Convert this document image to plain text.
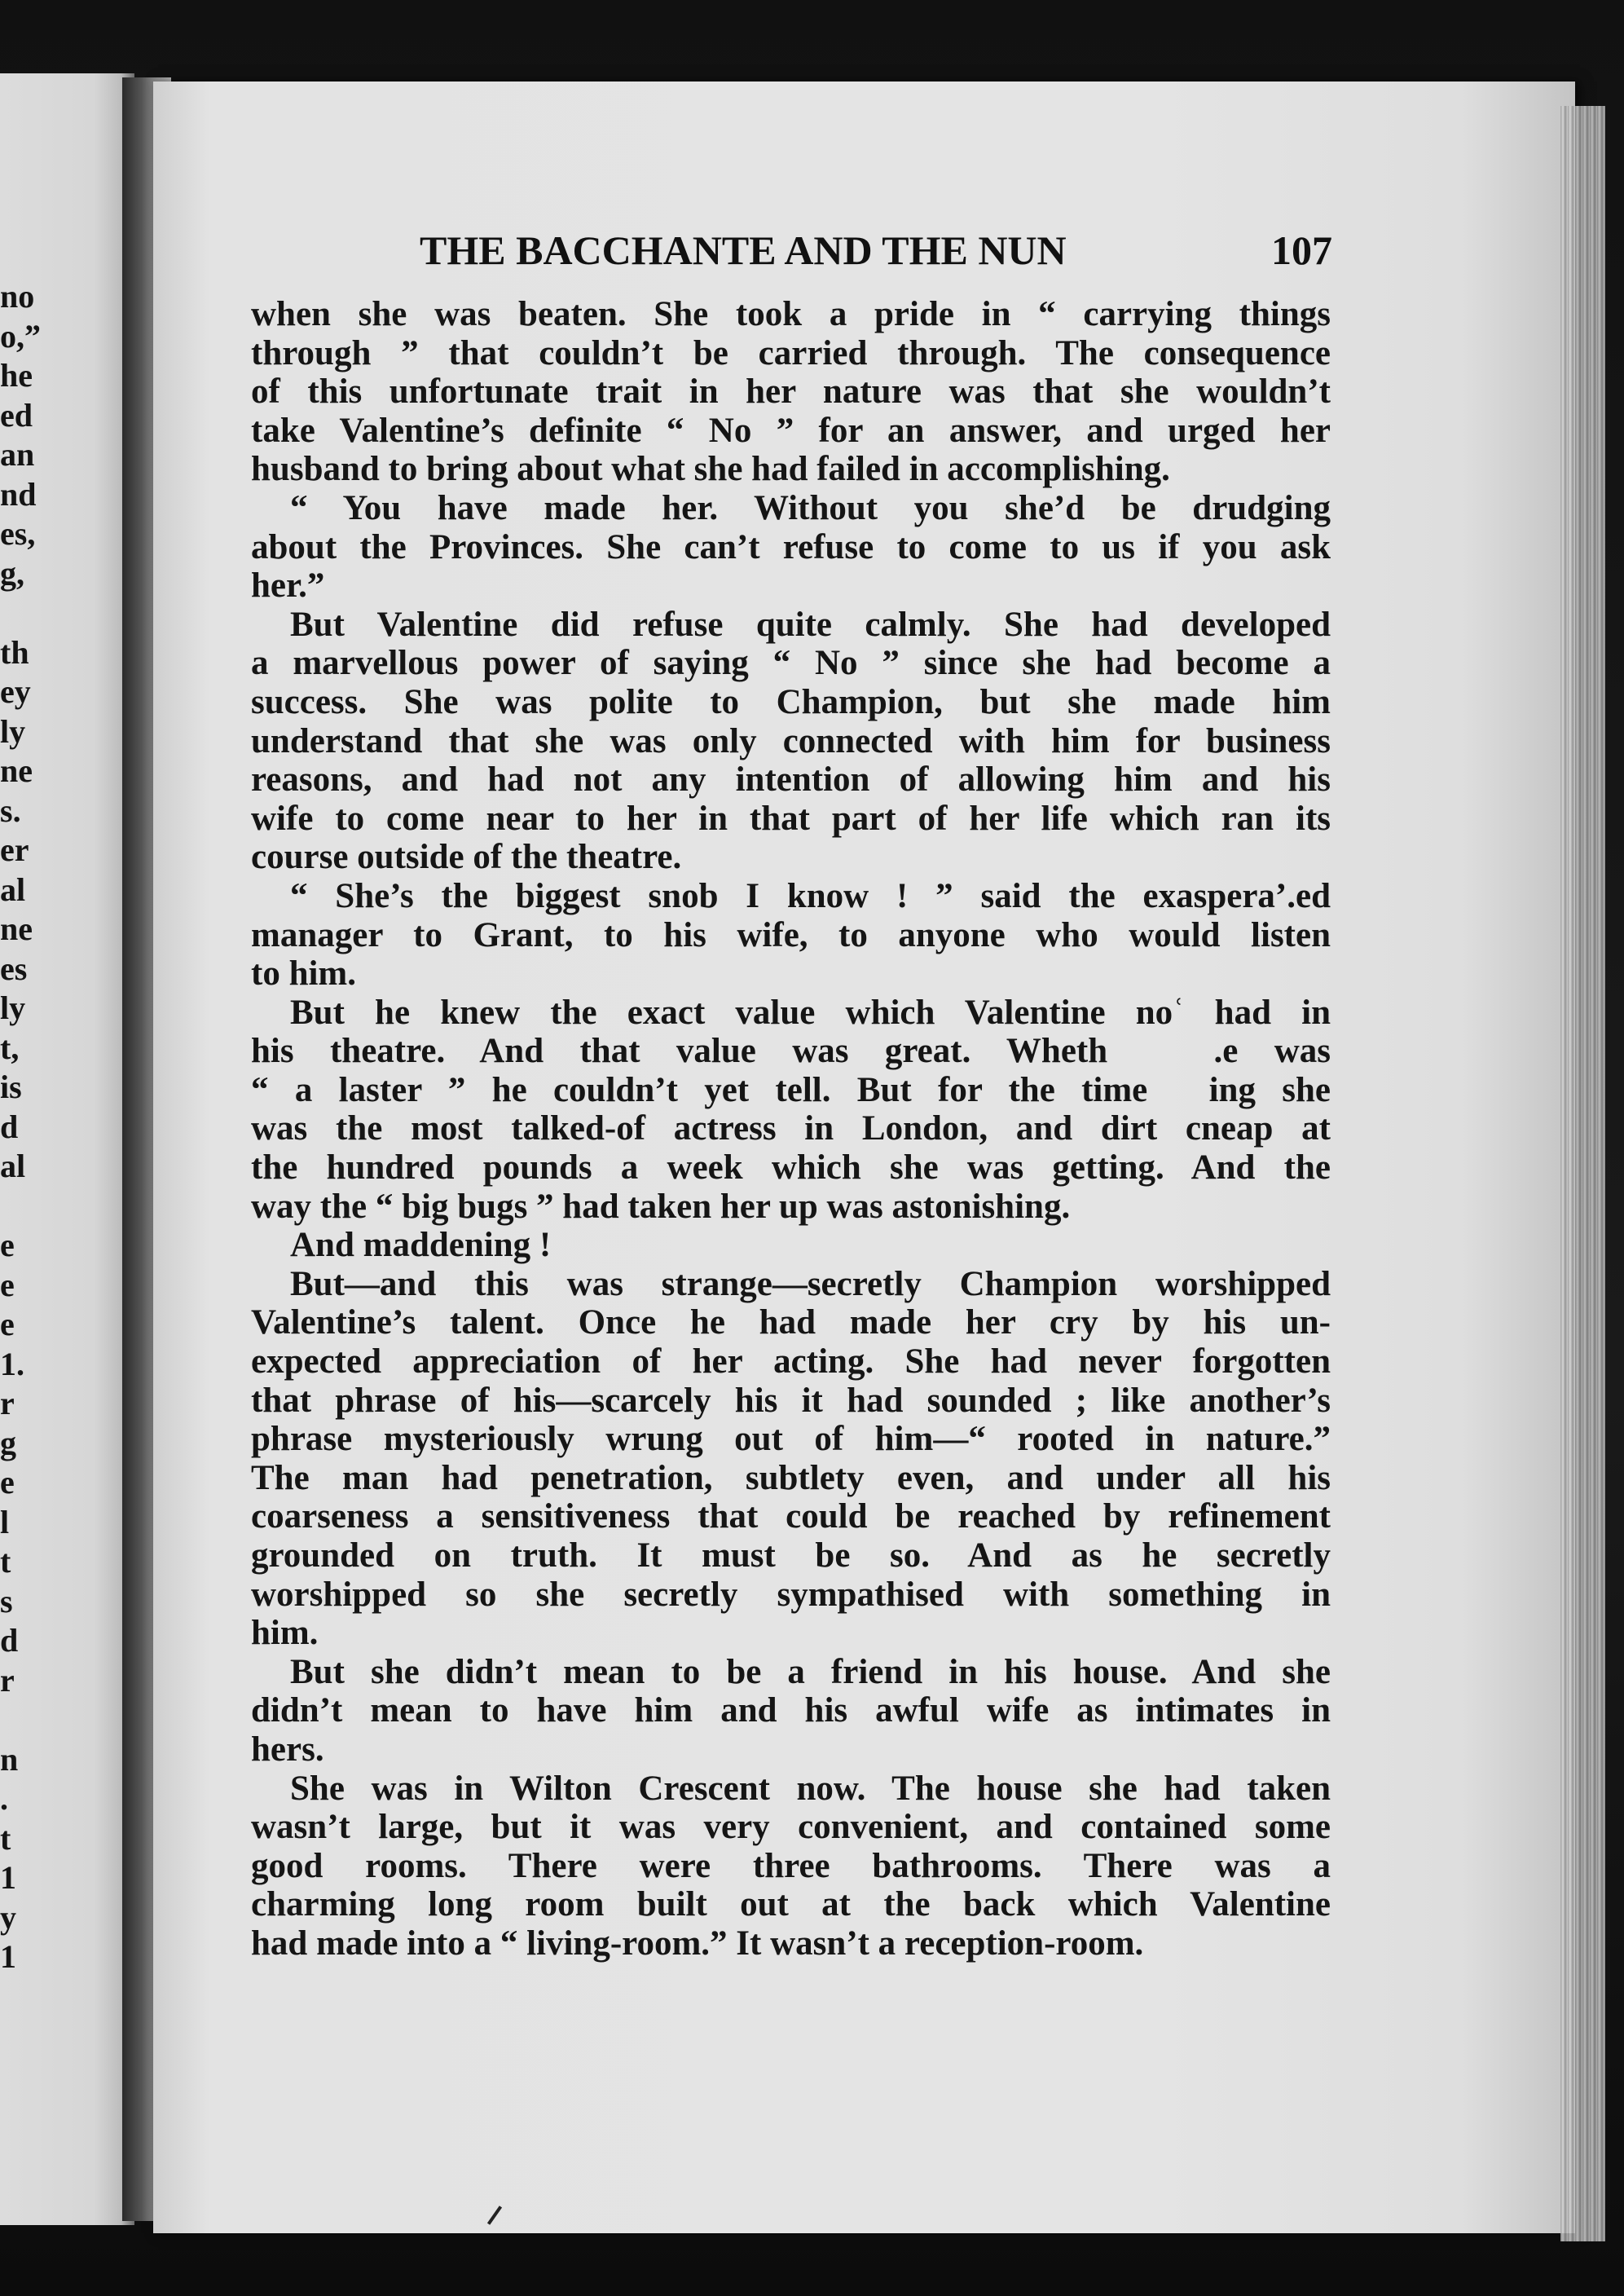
no
o,”
he
ed
an
nd
es,
g,
th
ey
ly
ne
s.
er
al
ne
es
ly
t,
is
d
al
e
e
e
1.
r
g
e
l
t
s
d
r
n
.
t
1
y
1
THE BACCHANTE AND THE NUN	107
when she was beaten. She took a pride in “ carrying things
through ” that couldn’t be carried through. The consequence
of this unfortunate trait in her nature was that she wouldn’t
take Valentine’s definite “ No ” for an answer, and urged her
husband to bring about what she had failed in accomplishing.
“ You have made her. Without you she’d be drudging
about the Provinces. She can’t refuse to come to us if you ask
her.”
But Valentine did refuse quite calmly. She had developed
a marvellous power of saying “ No ” since she had become a
success. She was polite to Champion, but she made him
understand that she was only connected with him for business
reasons, and had not any intention of allowing him and his
wife to come near to her in that part of her life which ran its
course outside of the theatre.
“ She’s the biggest snob I know ! ” said the exaspera’.ed
manager to Grant, to his wife, to anyone who would listen
to him.
But he knew the exact value which Valentine noʿ had in
his theatre. And that value was great. Wheth   .e was
“ a laster ” he couldn’t yet tell. But for the time  ing she
was the most talked-of actress in London, and dirt cneap at
the hundred pounds a week which she was getting. And the
way the “ big bugs ” had taken her up was astonishing.
And maddening !
But—and this was strange—secretly Champion worshipped
Valentine’s talent. Once he had made her cry by his un-
expected appreciation of her acting. She had never forgotten
that phrase of his—scarcely his it had sounded ; like another’s
phrase mysteriously wrung out of him—“ rooted in nature.”
The man had penetration, subtlety even, and under all his
coarseness a sensitiveness that could be reached by refinement
grounded on truth. It must be so. And as he secretly
worshipped so she secretly sympathised with something in
him.
But she didn’t mean to be a friend in his house. And she
didn’t mean to have him and his awful wife as intimates in
hers.
She was in Wilton Crescent now. The house she had taken
wasn’t large, but it was very convenient, and contained some
good rooms. There were three bathrooms. There was a
charming long room built out at the back which Valentine
had made into a “ living-room.” It wasn’t a reception-room.
